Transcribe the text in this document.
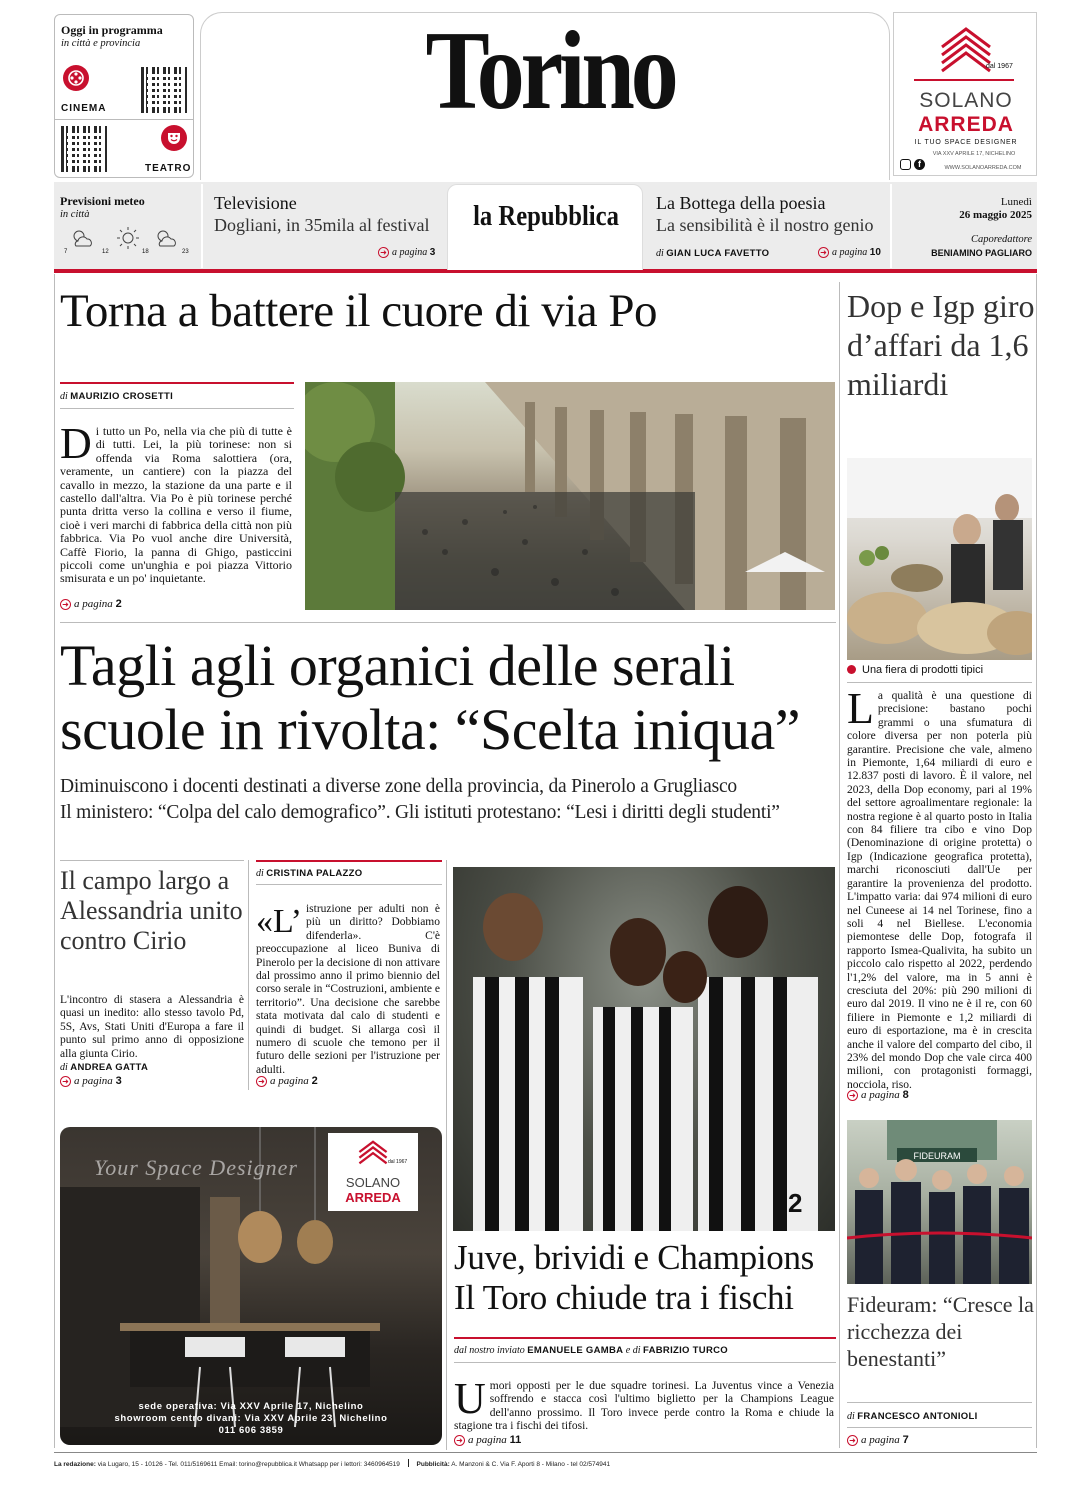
Oggi in programma
in città e provincia
CINEMA
TEATRO
Torino	dal 1967
SOLANO
ARREDA
IL TUO SPACE DESIGNER
VIA XXV APRILE 17, NICHELINO
f	WWW.SOLANOARREDA.COM
Previsioni meteo
in città
7	12	18	23
Televisione
Dogliani, in 35mila al festival
➜ a pagina 3
la Repubblica	La Bottega della poesia
La sensibilità è il nostro genio
di GIAN LUCA FAVETTO	➜ a pagina 10
Lunedì
26 maggio 2025
Caporedattore
BENIAMINO PAGLIARO
Torna a battere il cuore di via Po
di MAURIZIO CROSETTI
Di tutto un Po, nella via che più di tutte è di tutti. Lei, la più torinese: non si offenda via Roma salottiera (ora, veramente, un cantiere) con la piazza del cavallo in mezzo, la stazione da una parte e il castello dall'altra. Via Po è più torinese perché punta dritta verso la collina e verso il fiume, cioè i veri marchi di fabbrica della città non più fabbrica. Via Po vuol anche dire Università, Caffè Fiorio, la panna di Ghigo, pasticcini piccoli come un'unghia e poi piazza Vittorio smisurata e un po' inquietante.
➜ a pagina 2
Tagli agli organici delle serali
scuole in rivolta: “Scelta iniqua”
Diminuiscono i docenti destinati a diverse zone della provincia, da Pinerolo a Grugliasco
Il ministero: “Colpa del calo demografico”. Gli istituti protestano: “Lesi i diritti degli studenti”
Il campo largo a Alessandria unito contro Cirio
L'incontro di stasera a Alessandria è quasi un inedito: allo stesso tavolo Pd, 5S, Avs, Stati Uniti d'Europa a fare il punto sul primo anno di opposizione alla giunta Cirio.
di ANDREA GATTA
➜ a pagina 3
di CRISTINA PALAZZO
«L’ istruzione per adulti non è più un diritto? Dobbiamo difenderla». C'è preoccupazione al liceo Buniva di Pinerolo per la decisione di non attivare dal prossimo anno il primo biennio del corso serale in “Costruzioni, ambiente e territorio”. Una decisione che sarebbe stata motivata dal calo di studenti e quindi di budget. Si allarga così il numero di scuole che temono per il futuro delle sezioni per l'istruzione per adulti.
➜ a pagina 2
Your Space Designer	dal 1967
SOLANO
ARREDA
sede operativa: Via XXV Aprile 17, Nichelino
showroom centro divani: Via XXV Aprile 23, Nichelino
011 606 3859
2
Juve, brividi e Champions
Il Toro chiude tra i fischi
dal nostro inviato EMANUELE GAMBA e di FABRIZIO TURCO
Umori opposti per le due squadre torinesi. La Juventus vince a Venezia soffrendo e stacca così l'ultimo biglietto per la Champions League dell'anno prossimo. Il Toro invece perde contro la Roma e chiude la stagione tra i fischi dei tifosi.
➜ a pagina 11
Dop e Igp giro d’affari da 1,6 miliardi
Una fiera di prodotti tipici
La qualità è una questione di precisione: bastano pochi grammi o una sfumatura di colore diversa per non poterla più garantire. Precisione che vale, almeno in Piemonte, 1,64 miliardi di euro e 12.837 posti di lavoro. È il valore, nel 2023, della Dop economy, pari al 19% del settore agroalimentare regionale: la nostra regione è al quarto posto in Italia con 84 filiere tra cibo e vino Dop (Denominazione di origine protetta) o Igp (Indicazione geografica protetta), marchi riconosciuti dall'Ue per garantire la provenienza del prodotto. L'impatto varia: dai 974 milioni di euro nel Cuneese ai 14 nel Torinese, fino a soli 4 nel Biellese. L'economia piemontese delle Dop, fotografa il rapporto Ismea-Qualivita, ha subito un piccolo calo rispetto al 2022, perdendo l'1,2% del valore, ma in 5 anni è cresciuta del 20%: più 290 milioni di euro dal 2019. Il vino ne è il re, con 60 filiere in Piemonte e 1,2 miliardi di euro di esportazione, ma è in crescita anche il valore del comparto del cibo, il 23% del mondo Dop che vale circa 400 milioni, con protagonisti formaggi, nocciola, riso.
➜ a pagina 8
FIDEURAM
Fideuram: “Cresce la ricchezza dei benestanti”
di FRANCESCO ANTONIOLI
➜ a pagina 7
La redazione: via Lugaro, 15 - 10126 - Tel. 011/5169611 Email: torino@repubblica.it Whatsapp per i lettori: 3460964519	Pubblicità: A. Manzoni & C. Via F. Aporti 8 - Milano - tel 02/574941
